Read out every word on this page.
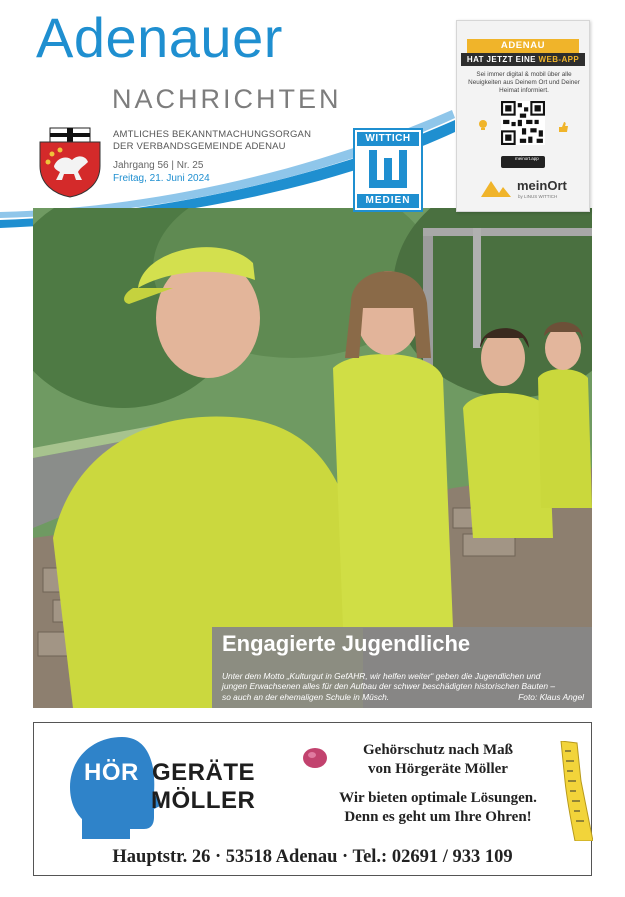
Adenauer
NACHRICHTEN
AMTLICHES BEKANNTMACHUNGSORGAN
DER VERBANDSGEMEINDE ADENAU
Jahrgang 56 | Nr. 25
Freitag, 21. Juni 2024
Engagierte Jugendliche
Unter dem Motto „Kulturgut in GefAHR, wir helfen weiter“ geben die Jugendlichen und
jungen Erwachsenen alles für den Aufbau der schwer beschädigten historischen Bauten –
so auch an der ehemaligen Schule in Müsch.	Foto: Klaus Angel
WITTICH
MEDIEN
ADENAU
HAT JETZT EINE WEB-APP
Sei immer digital & mobil über alle Neuigkeiten aus Deinem Ort und Deiner Heimat informiert.
meinort.app
meinOrt
by LINUS WITTICH
HÖR GERÄTE
MÖLLER
Gehörschutz nach Maß
von Hörgeräte Möller
Wir bieten optimale Lösungen.
Denn es geht um Ihre Ohren!
Hauptstr. 26 · 53518 Adenau · Tel.: 02691 / 933 109
